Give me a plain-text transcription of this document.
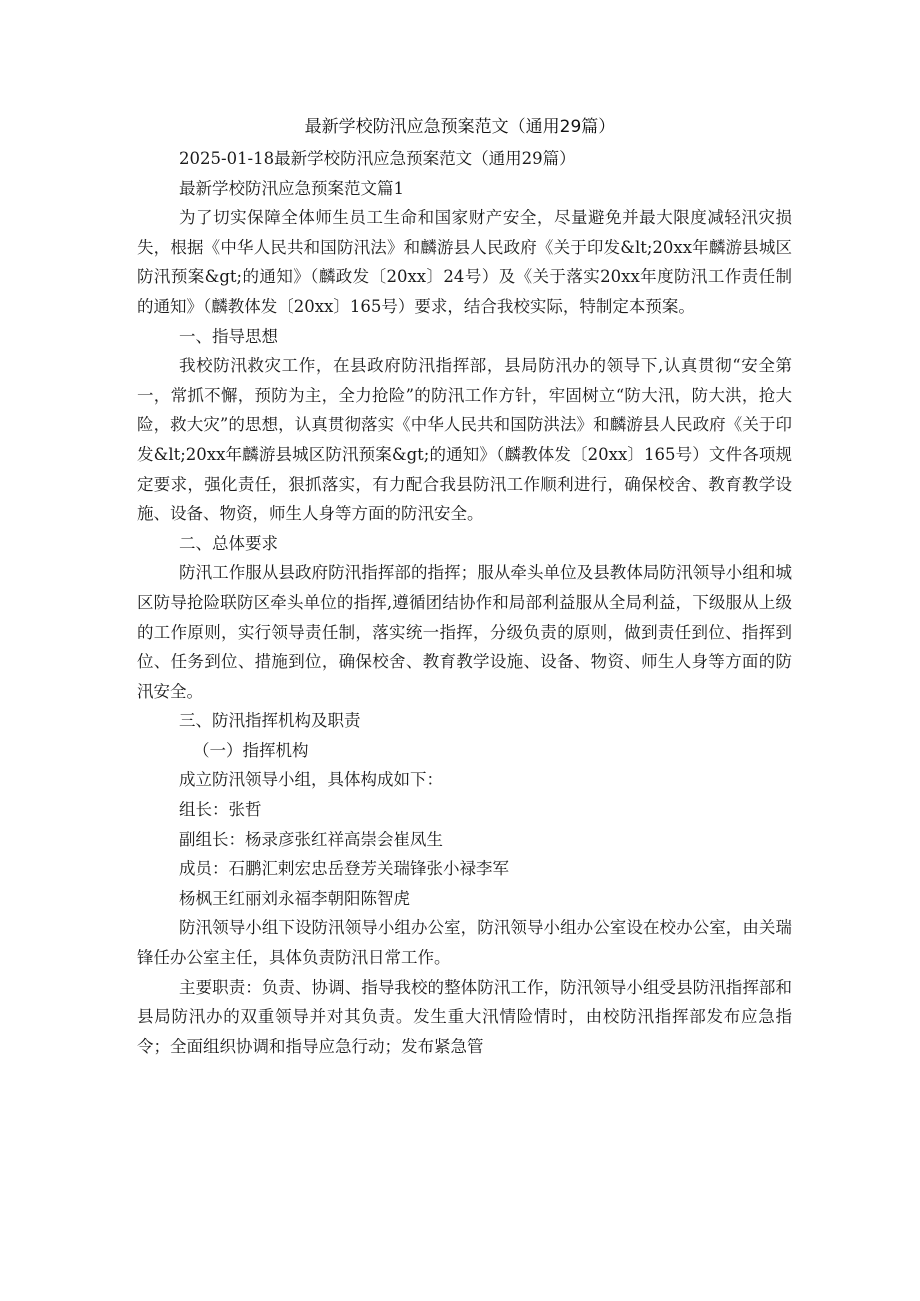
最新学校防汛应急预案范文（通用29篇）

2025-01-18最新学校防汛应急预案范文（通用29篇）

最新学校防汛应急预案范文篇1

为了切实保障全体师生员工生命和国家财产安全，尽量避免并最大限度减轻汛灾损失，根据《中华人民共和国防汛法》和麟游县人民政府《关于印发&lt;20xx年麟游县城区防汛预案&gt;的通知》（麟政发〔20xx〕24号）及《关于落实20xx年度防汛工作责任制的通知》（麟教体发〔20xx〕165号）要求，结合我校实际，特制定本预案。

一、指导思想

我校防汛救灾工作，在县政府防汛指挥部，县局防汛办的领导下,认真贯彻“安全第一，常抓不懈，预防为主，全力抢险”的防汛工作方针，牢固树立“防大汛，防大洪，抢大险，救大灾”的思想，认真贯彻落实《中华人民共和国防洪法》和麟游县人民政府《关于印发&lt;20xx年麟游县城区防汛预案&gt;的通知》（麟教体发〔20xx〕165号）文件各项规定要求，强化责任，狠抓落实，有力配合我县防汛工作顺利进行，确保校舍、教育教学设施、设备、物资，师生人身等方面的防汛安全。

二、总体要求

防汛工作服从县政府防汛指挥部的指挥；服从牵头单位及县教体局防汛领导小组和城区防导抢险联防区牵头单位的指挥,遵循团结协作和局部利益服从全局利益，下级服从上级的工作原则，实行领导责任制，落实统一指挥，分级负责的原则，做到责任到位、指挥到位、任务到位、措施到位，确保校舍、教育教学设施、设备、物资、师生人身等方面的防汛安全。

三、防汛指挥机构及职责

（一）指挥机构

成立防汛领导小组，具体构成如下：

组长：张哲

副组长：杨录彦张红祥高崇会崔凤生

成员：石鹏汇剌宏忠岳登芳关瑞锋张小禄李军

杨枫王红丽刘永福李朝阳陈智虎

防汛领导小组下设防汛领导小组办公室，防汛领导小组办公室设在校办公室，由关瑞锋任办公室主任，具体负责防汛日常工作。

主要职责：负责、协调、指导我校的整体防汛工作，防汛领导小组受县防汛指挥部和县局防汛办的双重领导并对其负责。发生重大汛情险情时，由校防汛指挥部发布应急指令；全面组织协调和指导应急行动；发布紧急管
